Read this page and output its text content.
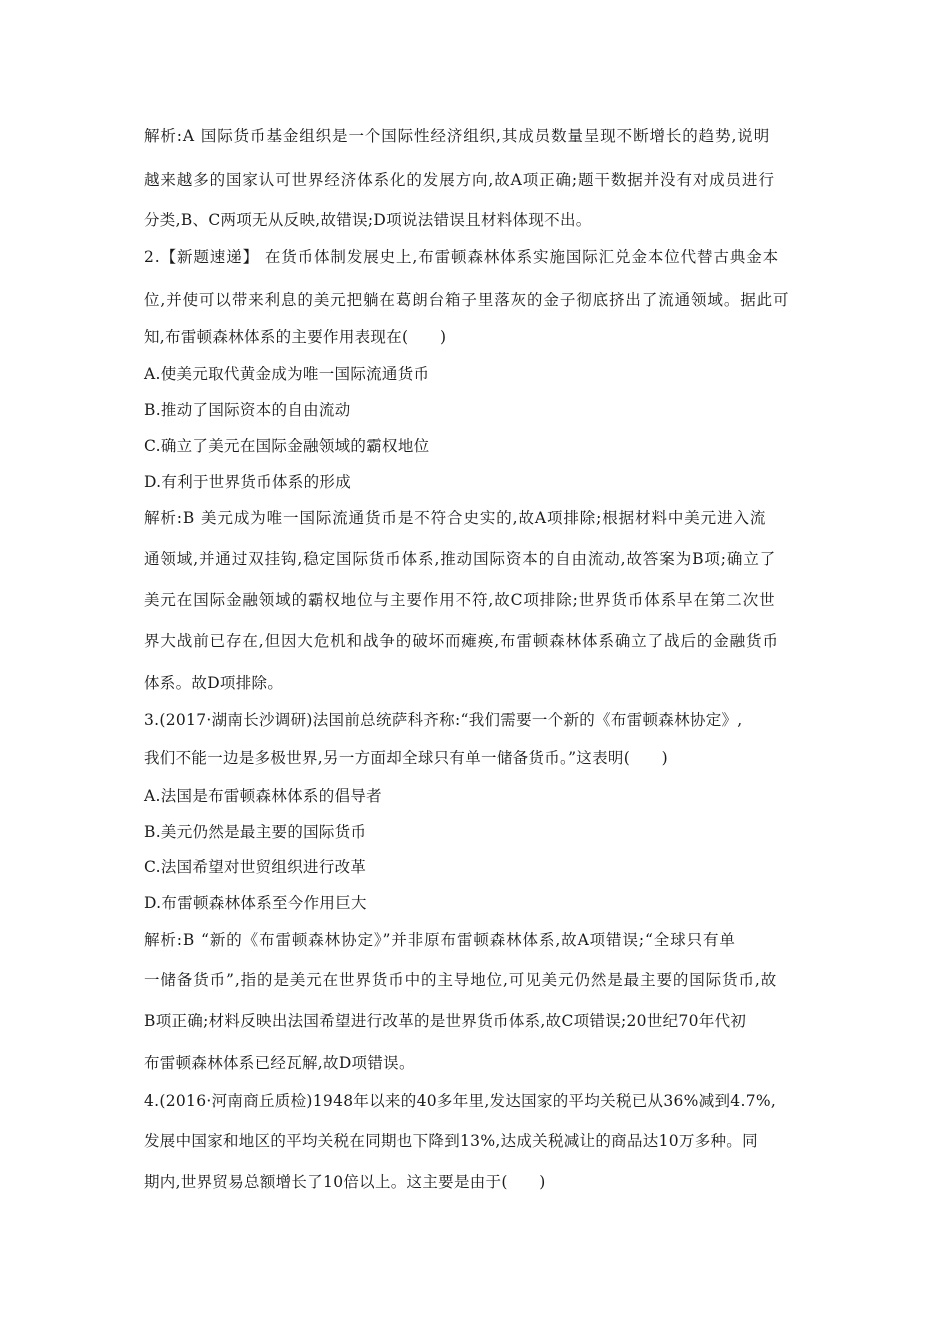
解析:A 国际货币基金组织是一个国际性经济组织,其成员数量呈现不断增长的趋势,说明
越来越多的国家认可世界经济体系化的发展方向,故A项正确;题干数据并没有对成员进行
分类,B、C两项无从反映,故错误;D项说法错误且材料体现不出。
2.【新题速递】 在货币体制发展史上,布雷顿森林体系实施国际汇兑金本位代替古典金本
位,并使可以带来利息的美元把躺在葛朗台箱子里落灰的金子彻底挤出了流通领域。据此可
知,布雷顿森林体系的主要作用表现在(　　)
A.使美元取代黄金成为唯一国际流通货币
B.推动了国际资本的自由流动
C.确立了美元在国际金融领域的霸权地位
D.有利于世界货币体系的形成
解析:B 美元成为唯一国际流通货币是不符合史实的,故A项排除;根据材料中美元进入流
通领域,并通过双挂钩,稳定国际货币体系,推动国际资本的自由流动,故答案为B项;确立了
美元在国际金融领域的霸权地位与主要作用不符,故C项排除;世界货币体系早在第二次世
界大战前已存在,但因大危机和战争的破坏而瘫痪,布雷顿森林体系确立了战后的金融货币
体系。故D项排除。
3.(2017·湖南长沙调研)法国前总统萨科齐称:“我们需要一个新的《布雷顿森林协定》,
我们不能一边是多极世界,另一方面却全球只有单一储备货币。”这表明(　　)
A.法国是布雷顿森林体系的倡导者
B.美元仍然是最主要的国际货币
C.法国希望对世贸组织进行改革
D.布雷顿森林体系至今作用巨大
解析:B “新的《布雷顿森林协定》”并非原布雷顿森林体系,故A项错误;“全球只有单
一储备货币”,指的是美元在世界货币中的主导地位,可见美元仍然是最主要的国际货币,故
B项正确;材料反映出法国希望进行改革的是世界货币体系,故C项错误;20世纪70年代初
布雷顿森林体系已经瓦解,故D项错误。
4.(2016·河南商丘质检)1948年以来的40多年里,发达国家的平均关税已从36%减到4.7%,
发展中国家和地区的平均关税在同期也下降到13%,达成关税减让的商品达10万多种。同
期内,世界贸易总额增长了10倍以上。这主要是由于(　　)
